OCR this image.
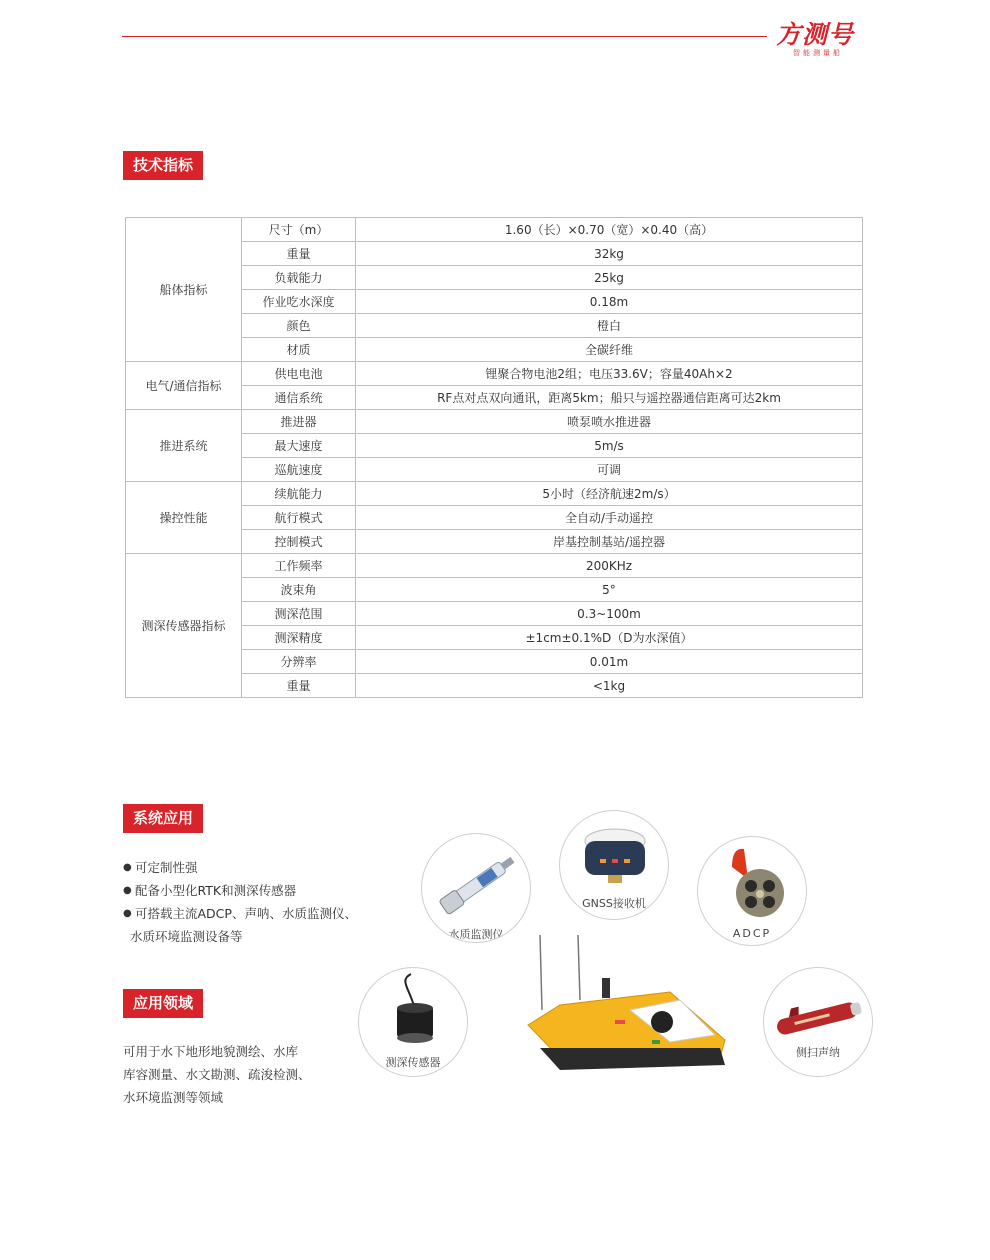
方测号
智能测量船
技术指标
船体指标	尺寸（m）	1.60（长）×0.70（宽）×0.40（高）
	重量	32kg
	负载能力	25kg
	作业吃水深度	0.18m
	颜色	橙白
	材质	全碳纤维
电气/通信指标	供电电池	锂聚合物电池2组；电压33.6V；容量40Ah×2
	通信系统	RF点对点双向通讯，距离5km；船只与遥控器通信距离可达2km
推进系统	推进器	喷泵喷水推进器
	最大速度	5m/s
	巡航速度	可调
操控性能	续航能力	5小时（经济航速2m/s）
	航行模式	全自动/手动遥控
	控制模式	岸基控制基站/遥控器
测深传感器指标	工作频率	200KHz
	波束角	5°
	测深范围	0.3~100m
	测深精度	±1cm±0.1%D（D为水深值）
	分辨率	0.01m
	重量	<1kg
系统应用
● 可定制性强
● 配备小型化RTK和测深传感器
● 可搭载主流ADCP、声呐、水质监测仪、
水质环境监测设备等
应用领域
可用于水下地形地貌测绘、水库
库容测量、水文勘测、疏浚检测、
水环境监测等领域
水质监测仪
GNSS接收机
ADCP
测深传感器
侧扫声纳
